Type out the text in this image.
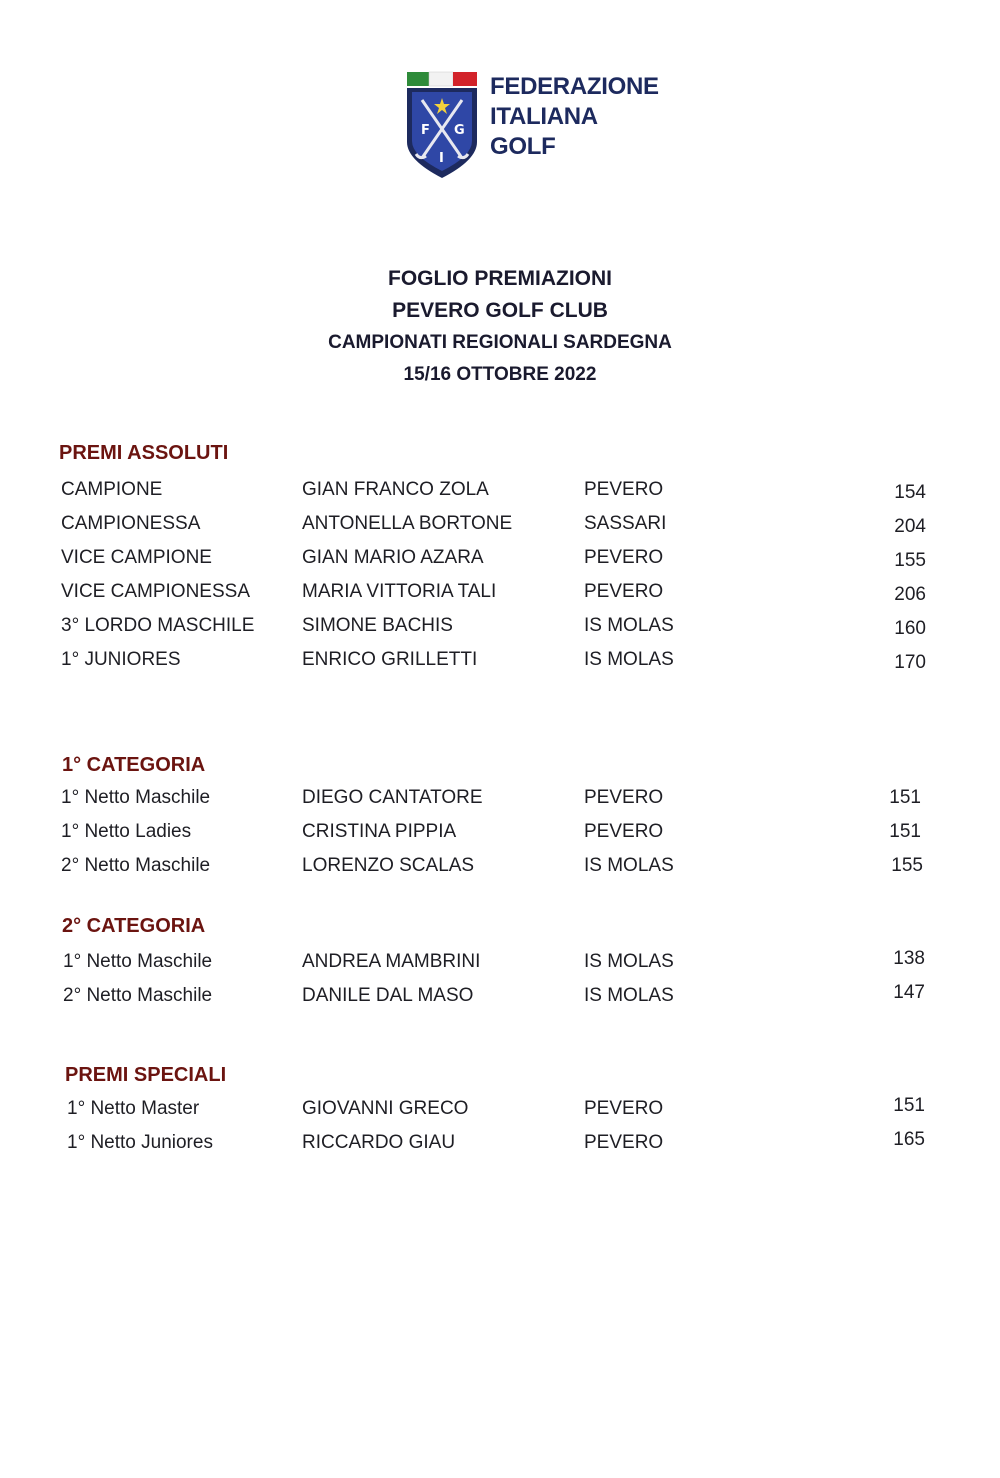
F G
I
FEDERAZIONE
ITALIANA
GOLF
FOGLIO PREMIAZIONI
PEVERO GOLF CLUB
CAMPIONATI REGIONALI SARDEGNA
15/16 OTTOBRE 2022
PREMI ASSOLUTI
CAMPIONE	GIAN FRANCO ZOLA	PEVERO	154
CAMPIONESSA	ANTONELLA BORTONE	SASSARI	204
VICE CAMPIONE	GIAN MARIO AZARA	PEVERO	155
VICE CAMPIONESSA	MARIA VITTORIA TALI	PEVERO	206
3° LORDO MASCHILE	SIMONE BACHIS	IS MOLAS	160
1° JUNIORES	ENRICO GRILLETTI	IS MOLAS	170
1° CATEGORIA
1° Netto Maschile	DIEGO CANTATORE	PEVERO	151
1° Netto Ladies	CRISTINA PIPPIA	PEVERO	151
2° Netto Maschile	LORENZO SCALAS	IS MOLAS	155
2° CATEGORIA
1° Netto Maschile	ANDREA MAMBRINI	IS MOLAS	138
2° Netto Maschile	DANILE DAL MASO	IS MOLAS	147
PREMI SPECIALI
1° Netto Master	GIOVANNI GRECO	PEVERO	151
1° Netto Juniores	RICCARDO GIAU	PEVERO	165
